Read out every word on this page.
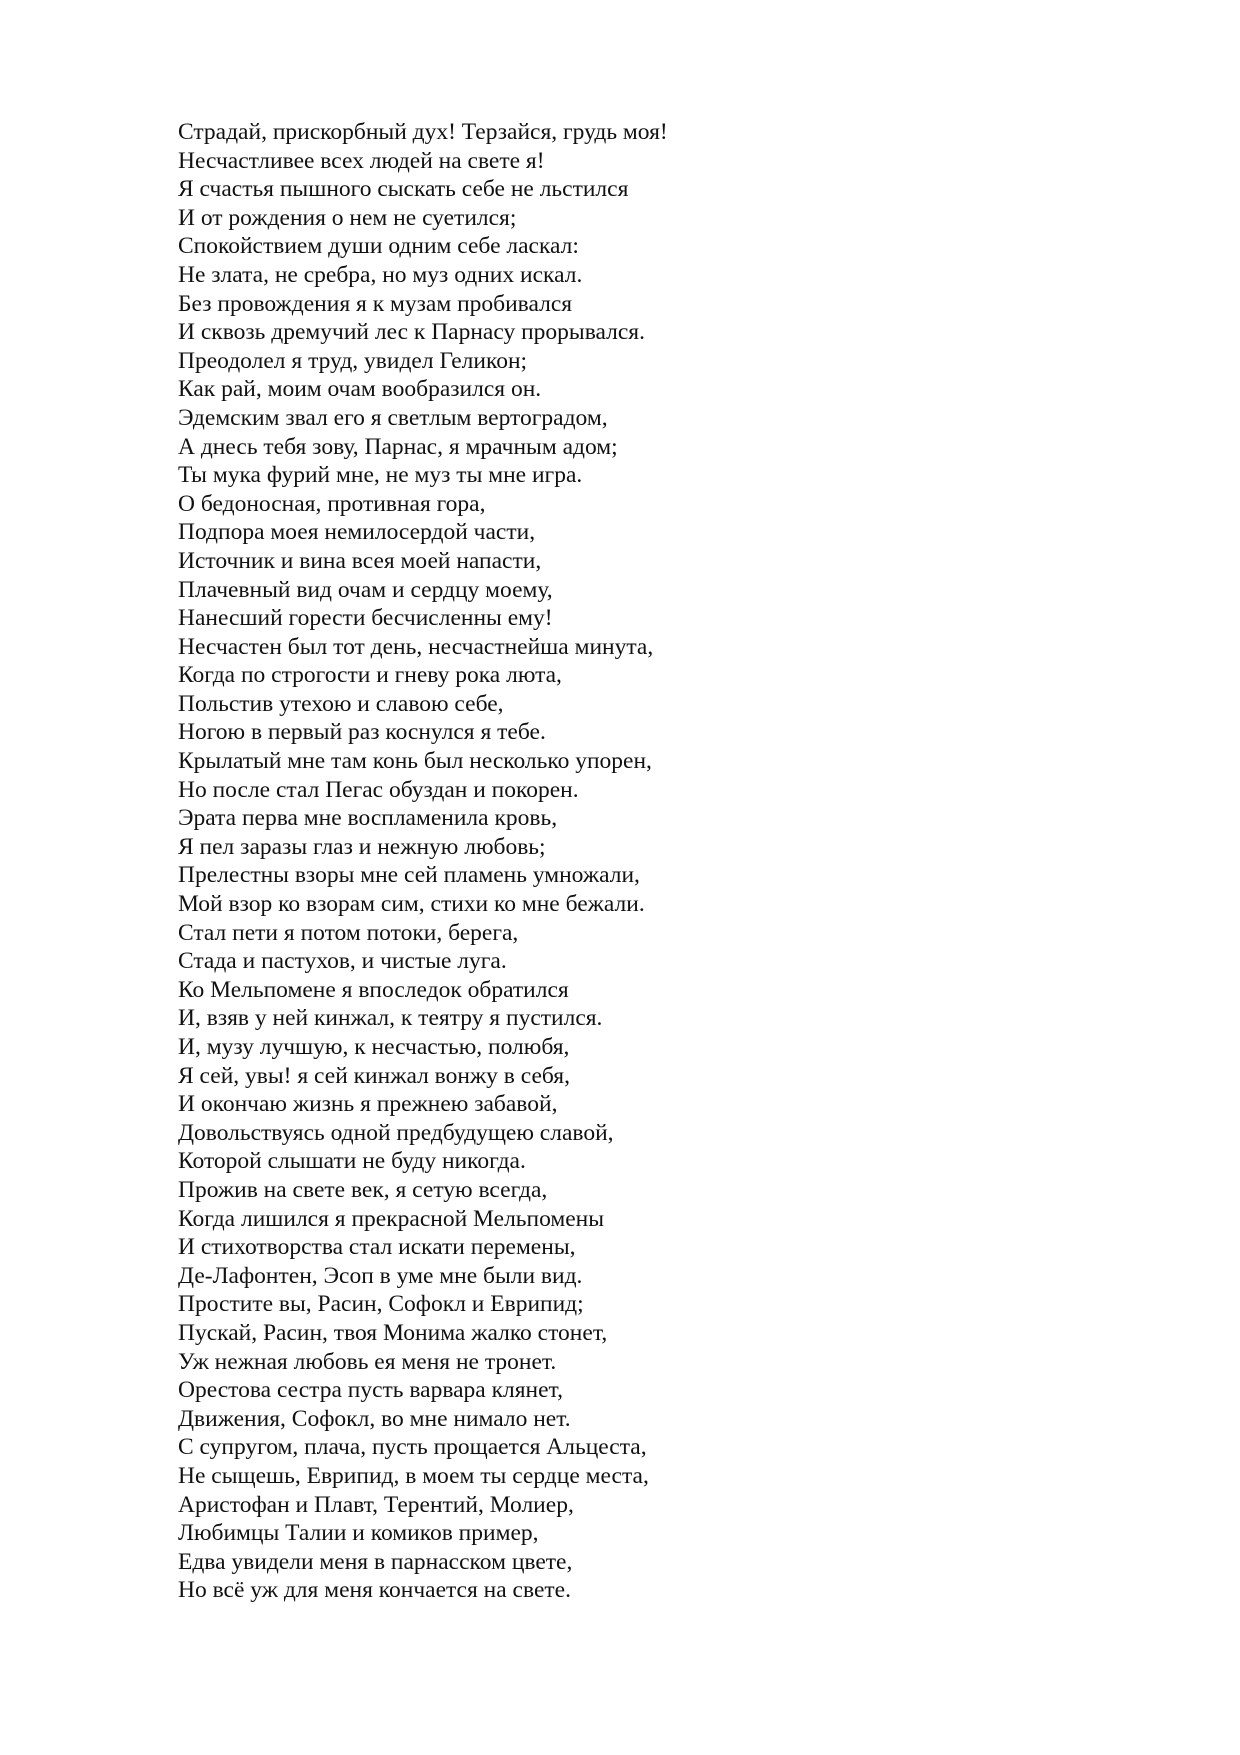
Страдай, прискорбный дух! Терзайся, грудь моя!
Несчастливее всех людей на свете я!
Я счастья пышного сыскать себе не льстился
И от рождения о нем не суетился;
Спокойствием души одним себе ласкал:
Не злата, не сребра, но муз одних искал.
Без провождения я к музам пробивался
И сквозь дремучий лес к Парнасу прорывался.
Преодолел я труд, увидел Геликон;
Как рай, моим очам вообразился он.
Эдемским звал его я светлым вертоградом,
А днесь тебя зову, Парнас, я мрачным адом;
Ты мука фурий мне, не муз ты мне игра.
О бедоносная, противная гора,
Подпора моея немилосердой части,
Источник и вина всея моей напасти,
Плачевный вид очам и сердцу моему,
Нанесший горести бесчисленны ему!
Несчастен был тот день, несчастнейша минута,
Когда по строгости и гневу рока люта,
Польстив утехою и славою себе,
Ногою в первый раз коснулся я тебе.
Крылатый мне там конь был несколько упорен,
Но после стал Пегас обуздан и покорен.
Эрата перва мне воспламенила кровь,
Я пел заразы глаз и нежную любовь;
Прелестны взоры мне сей пламень умножали,
Мой взор ко взорам сим, стихи ко мне бежали.
Стал пети я потом потоки, берега,
Стада и пастухов, и чистые луга.
Ко Мельпомене я впоследок обратился
И, взяв у ней кинжал, к теятру я пустился.
И, музу лучшую, к несчастью, полюбя,
Я сей, увы! я сей кинжал вонжу в себя,
И окончаю жизнь я прежнею забавой,
Довольствуясь одной предбудущею славой,
Которой слышати не буду никогда.
Прожив на свете век, я сетую всегда,
Когда лишился я прекрасной Мельпомены
И стихотворства стал искати перемены,
Де-Лафонтен, Эсоп в уме мне были вид.
Простите вы, Расин, Софокл и Еврипид;
Пускай, Расин, твоя Монима жалко стонет,
Уж нежная любовь ея меня не тронет.
Орестова сестра пусть варвара клянет,
Движения, Софокл, во мне нимало нет.
С супругом, плача, пусть прощается Альцеста,
Не сыщешь, Еврипид, в моем ты сердце места,
Аристофан и Плавт, Терентий, Молиер,
Любимцы Талии и комиков пример,
Едва увидели меня в парнасском цвете,
Но всё уж для меня кончается на свете.
